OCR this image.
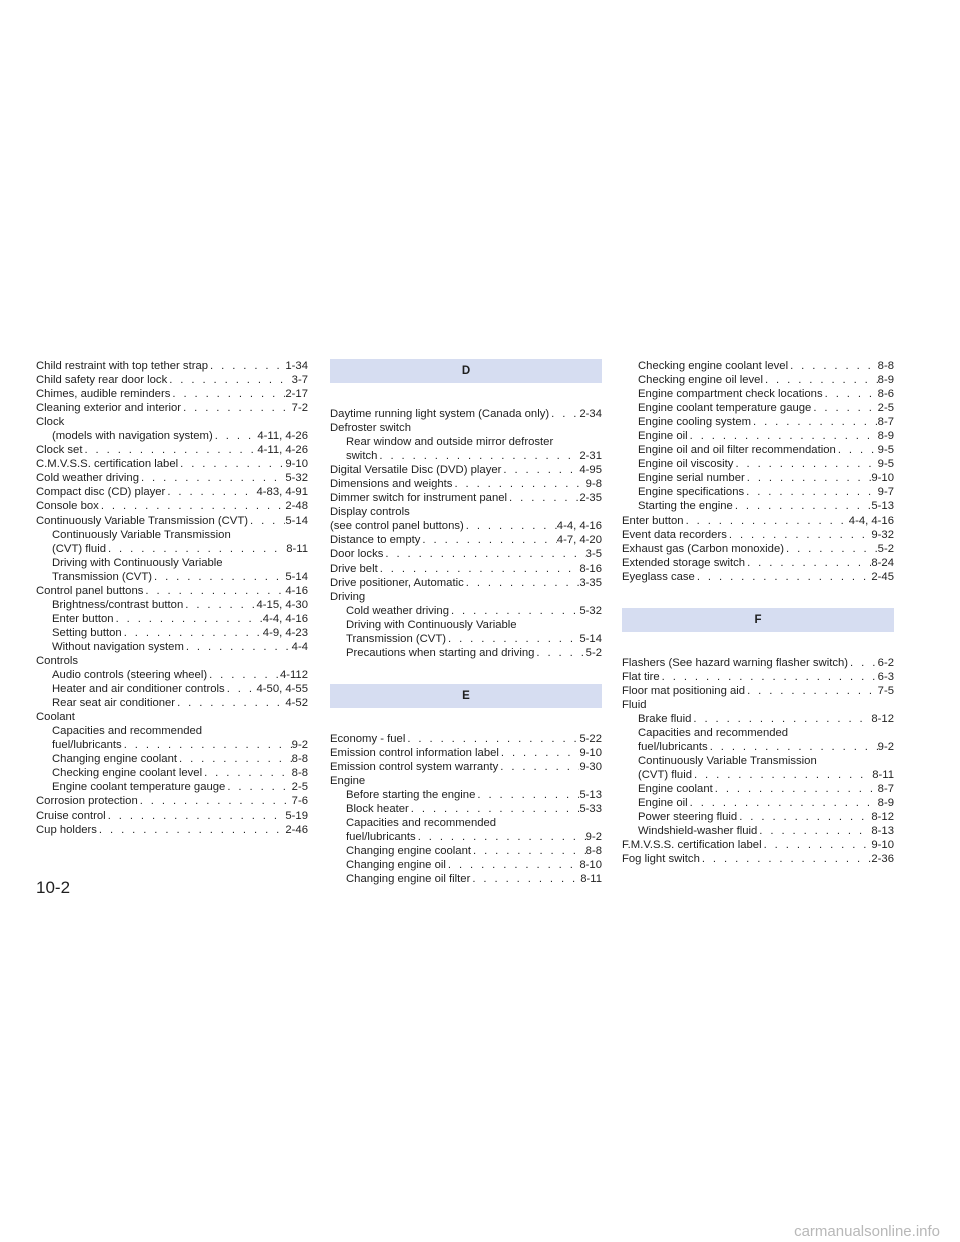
Child restraint with top tether strap . . .	1-34
Child safety rear door lock . . .	3-7
Chimes, audible reminders . . .	2-17
Cleaning exterior and interior . . .	7-2
Clock
(models with navigation system) . . .	4-11, 4-26
Clock set . . .	4-11, 4-26
C.M.V.S.S. certification label . . .	9-10
Cold weather driving . . .	5-32
Compact disc (CD) player . . .	4-83, 4-91
Console box . . .	2-48
Continuously Variable Transmission (CVT) . . .	5-14
Continuously Variable Transmission
(CVT) fluid . . .	8-11
Driving with Continuously Variable
Transmission (CVT) . . .	5-14
Control panel buttons . . .	4-16
Brightness/contrast button . . .	4-15, 4-30
Enter button . . .	4-4, 4-16
Setting button . . .	4-9, 4-23
Without navigation system . . .	4-4
Controls
Audio controls (steering wheel) . . .	4-112
Heater and air conditioner controls . . .	4-50, 4-55
Rear seat air conditioner . . .	4-52
Coolant
Capacities and recommended
fuel/lubricants . . .	9-2
Changing engine coolant . . .	8-8
Checking engine coolant level . . .	8-8
Engine coolant temperature gauge . . .	2-5
Corrosion protection . . .	7-6
Cruise control . . .	5-19
Cup holders . . .	2-46
D
Daytime running light system (Canada only) . . .	2-34
Defroster switch
Rear window and outside mirror defroster
switch . . .	2-31
Digital Versatile Disc (DVD) player . . .	4-95
Dimensions and weights . . .	9-8
Dimmer switch for instrument panel . . .	2-35
Display controls
(see control panel buttons) . . .	4-4, 4-16
Distance to empty . . .	4-7, 4-20
Door locks . . .	3-5
Drive belt . . .	8-16
Drive positioner, Automatic . . .	3-35
Driving
Cold weather driving . . .	5-32
Driving with Continuously Variable
Transmission (CVT) . . .	5-14
Precautions when starting and driving . . .	5-2
E
Economy - fuel . . .	5-22
Emission control information label . . .	9-10
Emission control system warranty . . .	9-30
Engine
Before starting the engine . . .	5-13
Block heater . . .	5-33
Capacities and recommended
fuel/lubricants . . .	9-2
Changing engine coolant . . .	8-8
Changing engine oil . . .	8-10
Changing engine oil filter . . .	8-11
Checking engine coolant level . . .	8-8
Checking engine oil level . . .	8-9
Engine compartment check locations . . .	8-6
Engine coolant temperature gauge . . .	2-5
Engine cooling system . . .	8-7
Engine oil . . .	8-9
Engine oil and oil filter recommendation . . .	9-5
Engine oil viscosity . . .	9-5
Engine serial number . . .	9-10
Engine specifications . . .	9-7
Starting the engine . . .	5-13
Enter button . . .	4-4, 4-16
Event data recorders . . .	9-32
Exhaust gas (Carbon monoxide) . . .	5-2
Extended storage switch . . .	8-24
Eyeglass case . . .	2-45
F
Flashers (See hazard warning flasher switch) . . .	6-2
Flat tire . . .	6-3
Floor mat positioning aid . . .	7-5
Fluid
Brake fluid . . .	8-12
Capacities and recommended
fuel/lubricants . . .	9-2
Continuously Variable Transmission
(CVT) fluid . . .	8-11
Engine coolant . . .	8-7
Engine oil . . .	8-9
Power steering fluid . . .	8-12
Windshield-washer fluid . . .	8-13
F.M.V.S.S. certification label . . .	9-10
Fog light switch . . .	2-36
10-2
carmanualsonline.info
